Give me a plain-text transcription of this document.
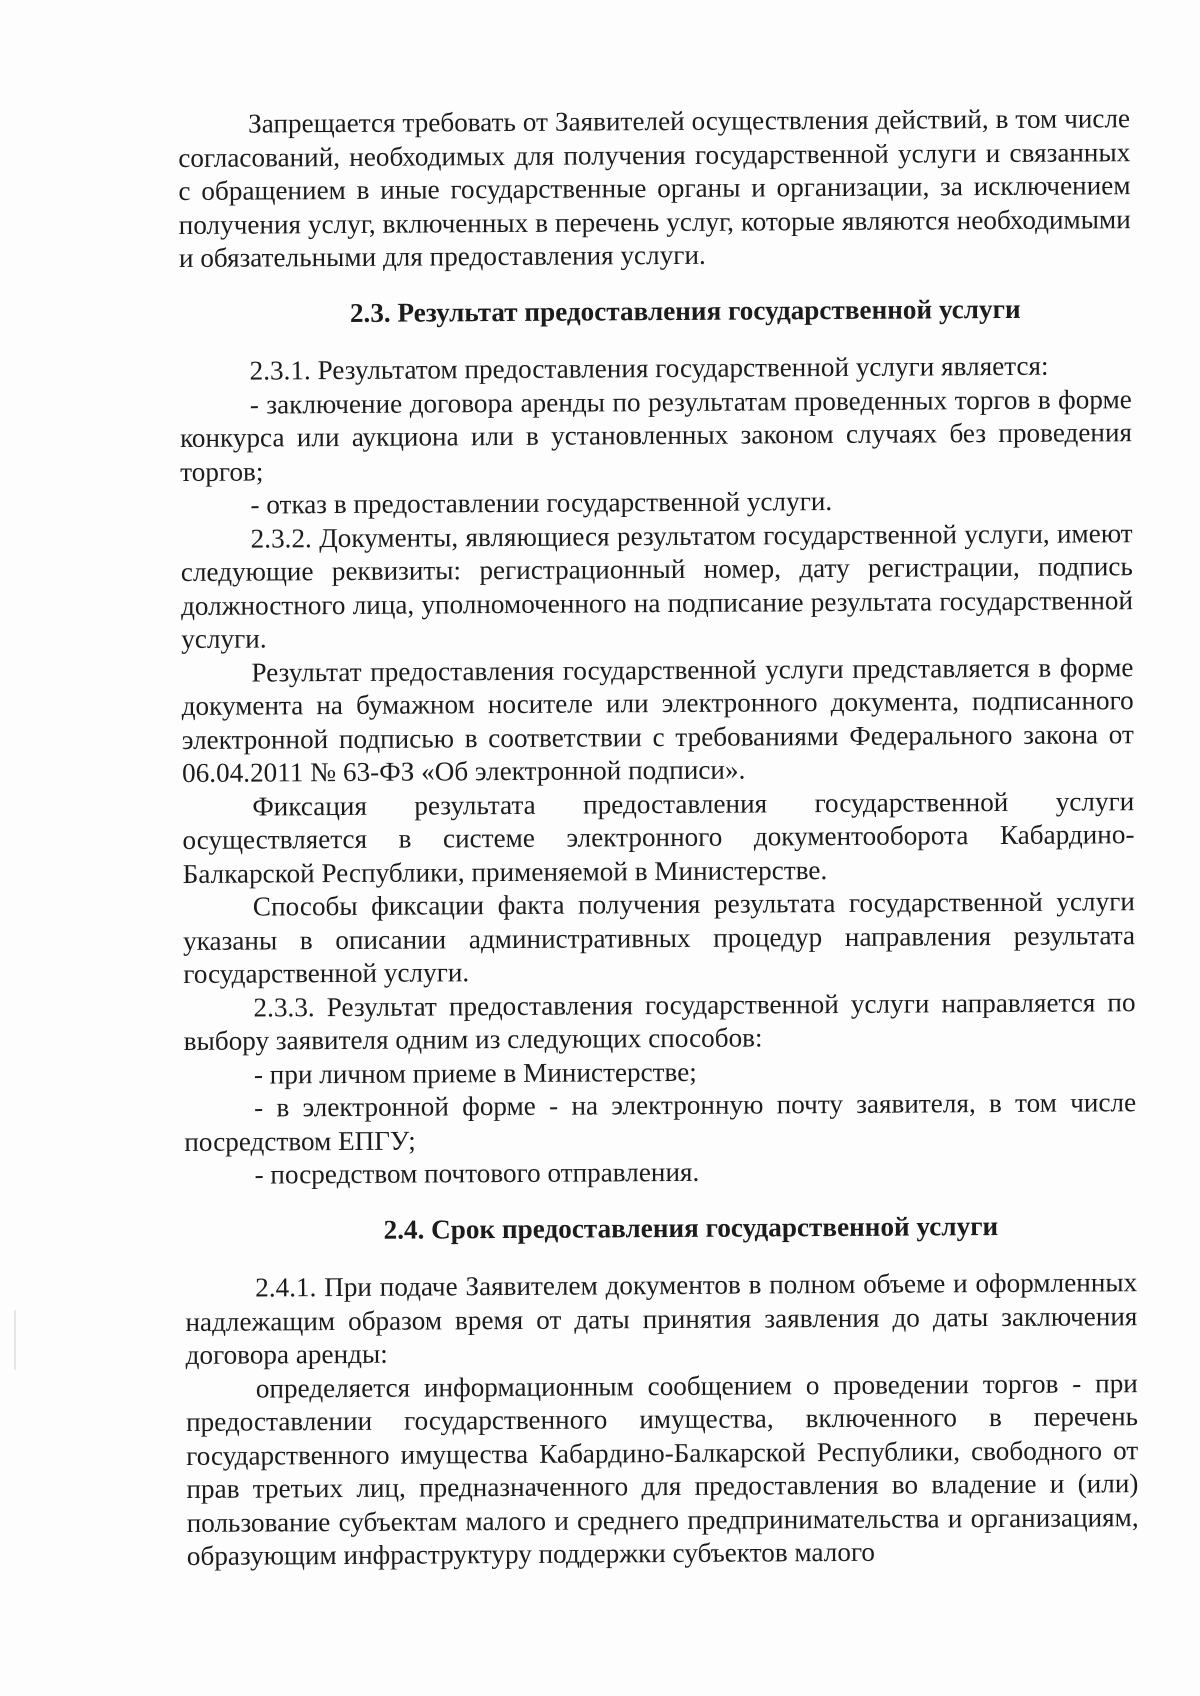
Запрещается требовать от Заявителей осуществления действий, в том числе согласований, необходимых для получения государственной услуги и связанных с обращением в иные государственные органы и организации, за исключением получения услуг, включенных в перечень услуг, которые являются необходимыми и обязательными для предоставления услуги.

2.3. Результат предоставления государственной услуги

2.3.1. Результатом предоставления государственной услуги является:

- заключение договора аренды по результатам проведенных торгов в форме конкурса или аукциона или в установленных законом случаях без проведения торгов;

- отказ в предоставлении государственной услуги.

2.3.2. Документы, являющиеся результатом государственной услуги, имеют следующие реквизиты: регистрационный номер, дату регистрации, подпись должностного лица, уполномоченного на подписание результата государственной услуги.

Результат предоставления государственной услуги представляется в форме документа на бумажном носителе или электронного документа, подписанного электронной подписью в соответствии с требованиями Федерального закона от 06.04.2011 № 63-ФЗ «Об электронной подписи».

Фиксация результата предоставления государственной услуги осуществляется в системе электронного документооборота Кабардино-Балкарской Республики, применяемой в Министерстве.

Способы фиксации факта получения результата государственной услуги указаны в описании административных процедур направления результата государственной услуги.

2.3.3. Результат предоставления государственной услуги направляется по выбору заявителя одним из следующих способов:

- при личном приеме в Министерстве;

- в электронной форме - на электронную почту заявителя, в том числе посредством ЕПГУ;

- посредством почтового отправления.

2.4. Срок предоставления государственной услуги

2.4.1. При подаче Заявителем документов в полном объеме и оформленных надлежащим образом время от даты принятия заявления до даты заключения договора аренды:

определяется информационным сообщением о проведении торгов - при предоставлении государственного имущества, включенного в перечень государственного имущества Кабардино-Балкарской Республики, свободного от прав третьих лиц, предназначенного для предоставления во владение и (или) пользование субъектам малого и среднего предпринимательства и организациям, образующим инфраструктуру поддержки субъектов малого
